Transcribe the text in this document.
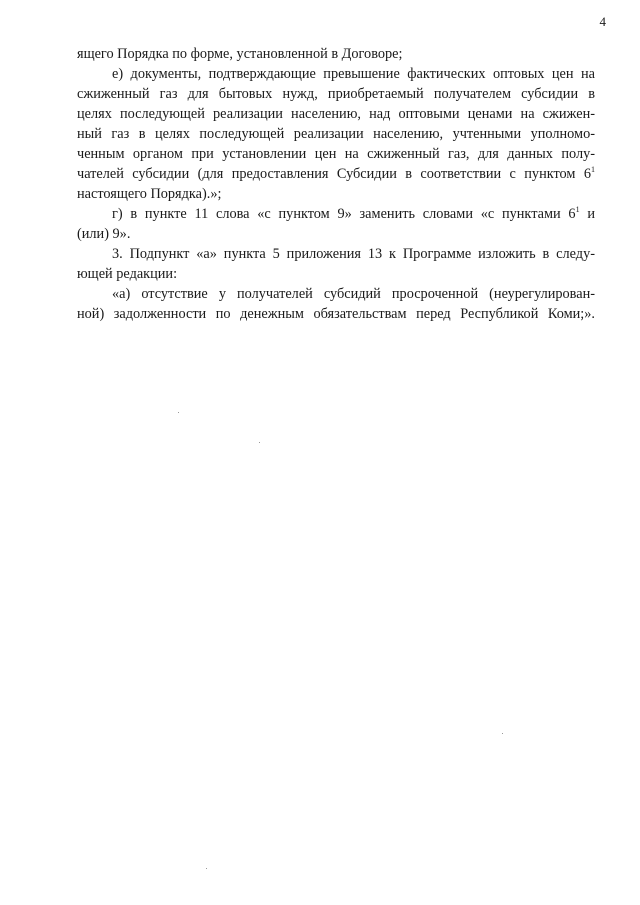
4
ящего Порядка по форме, установленной в Договоре;
е) документы, подтверждающие превышение фактических оптовых цен на
сжиженный газ для бытовых нужд, приобретаемый получателем субсидии в
целях последующей реализации населению, над оптовыми ценами на сжижен-
ный газ в целях последующей реализации населению, учтенными уполномо-
ченным органом при установлении цен на сжиженный газ, для данных полу-
чателей субсидии (для предоставления Субсидии в соответствии с пунктом $6^1$
настоящего Порядка).»;
г) в пункте 11 слова «с пунктом 9» заменить словами «с пунктами $6^1$ и
(или) 9».
3. Подпункт «а» пункта 5 приложения 13 к Программе изложить в следу-
ющей редакции:
«а) отсутствие у получателей субсидий просроченной (неурегулирован-
ной) задолженности по денежным обязательствам перед Республикой Коми;».
